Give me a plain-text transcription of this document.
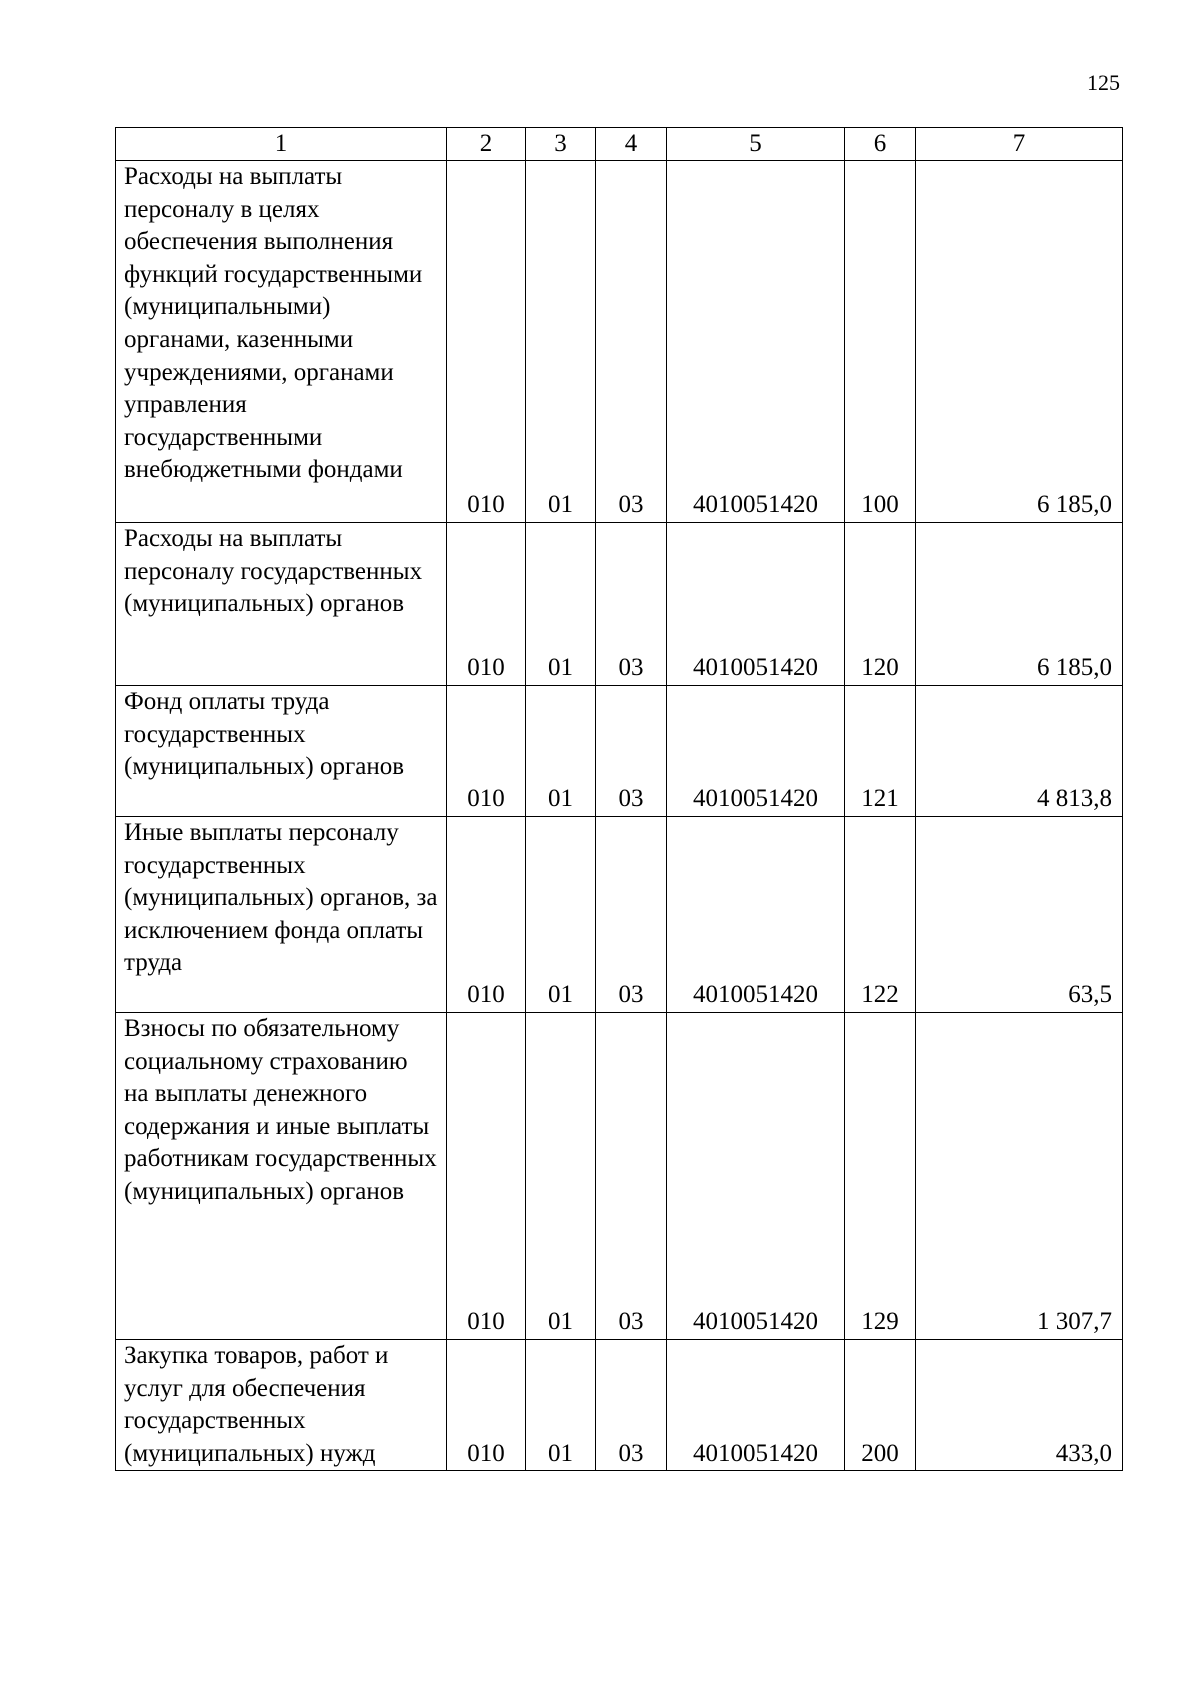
125
1	2	3	4	5	6	7
Расходы на выплаты персоналу в целях обеспечения выполнения функций государственными (муниципальными) органами, казенными учреждениями, органами управления государственными внебюджетными фондами	010	01	03	4010051420	100	6 185,0
Расходы на выплаты персоналу государственных (муниципальных) органов	010	01	03	4010051420	120	6 185,0
Фонд оплаты труда государственных (муниципальных) органов	010	01	03	4010051420	121	4 813,8
Иные выплаты персоналу государственных (муниципальных) органов, за исключением фонда оплаты труда	010	01	03	4010051420	122	63,5
Взносы по обязательному социальному страхованию на выплаты денежного содержания и иные выплаты работникам государственных (муниципальных) органов	010	01	03	4010051420	129	1 307,7
Закупка товаров, работ и услуг для обеспечения государственных (муниципальных) нужд	010	01	03	4010051420	200	433,0
